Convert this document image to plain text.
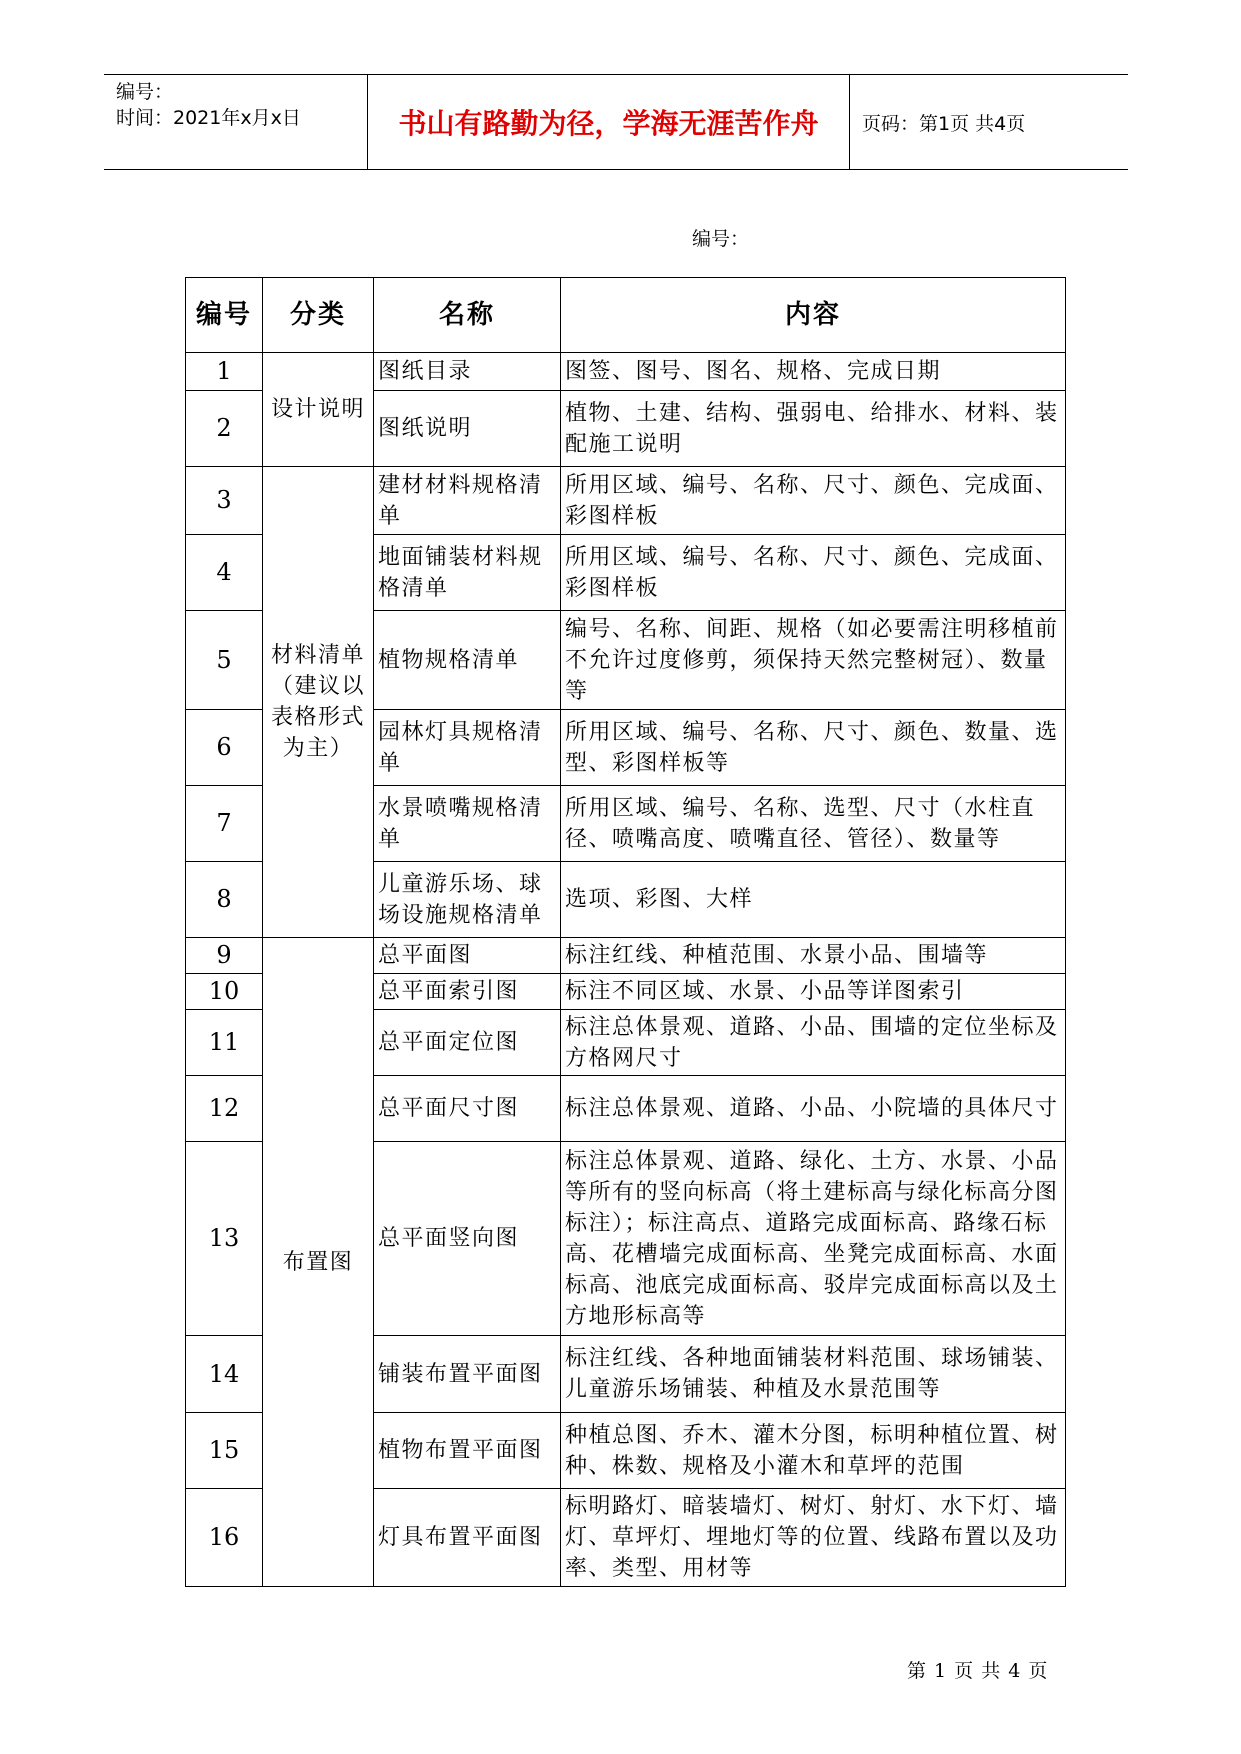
编号：
时间：2021年x月x日	书山有路勤为径，学海无涯苦作舟	页码：第1页 共4页
编号：
编号	分类	名称	内容
1	设计说明	图纸目录	图签、图号、图名、规格、完成日期
2		图纸说明	植物、土建、结构、强弱电、给排水、材料、装配施工说明
3	材料清单（建议以表格形式为主）	建材材料规格清单	所用区域、编号、名称、尺寸、颜色、完成面、彩图样板
4		地面铺装材料规格清单	所用区域、编号、名称、尺寸、颜色、完成面、彩图样板
5		植物规格清单	编号、名称、间距、规格（如必要需注明移植前不允许过度修剪，须保持天然完整树冠）、数量等
6		园林灯具规格清单	所用区域、编号、名称、尺寸、颜色、数量、选型、彩图样板等
7		水景喷嘴规格清单	所用区域、编号、名称、选型、尺寸（水柱直径、喷嘴高度、喷嘴直径、管径）、数量等
8		儿童游乐场、球场设施规格清单	选项、彩图、大样
9	布置图	总平面图	标注红线、种植范围、水景小品、围墙等
10		总平面索引图	标注不同区域、水景、小品等详图索引
11		总平面定位图	标注总体景观、道路、小品、围墙的定位坐标及方格网尺寸
12		总平面尺寸图	标注总体景观、道路、小品、小院墙的具体尺寸
13		总平面竖向图	标注总体景观、道路、绿化、土方、水景、小品等所有的竖向标高（将土建标高与绿化标高分图标注）；标注高点、道路完成面标高、路缘石标高、花槽墙完成面标高、坐凳完成面标高、水面标高、池底完成面标高、驳岸完成面标高以及土方地形标高等
14		铺装布置平面图	标注红线、各种地面铺装材料范围、球场铺装、儿童游乐场铺装、种植及水景范围等
15		植物布置平面图	种植总图、乔木、灌木分图，标明种植位置、树种、株数、规格及小灌木和草坪的范围
16		灯具布置平面图	标明路灯、暗装墙灯、树灯、射灯、水下灯、墙灯、草坪灯、埋地灯等的位置、线路布置以及功率、类型、用材等
第 1 页 共 4 页
